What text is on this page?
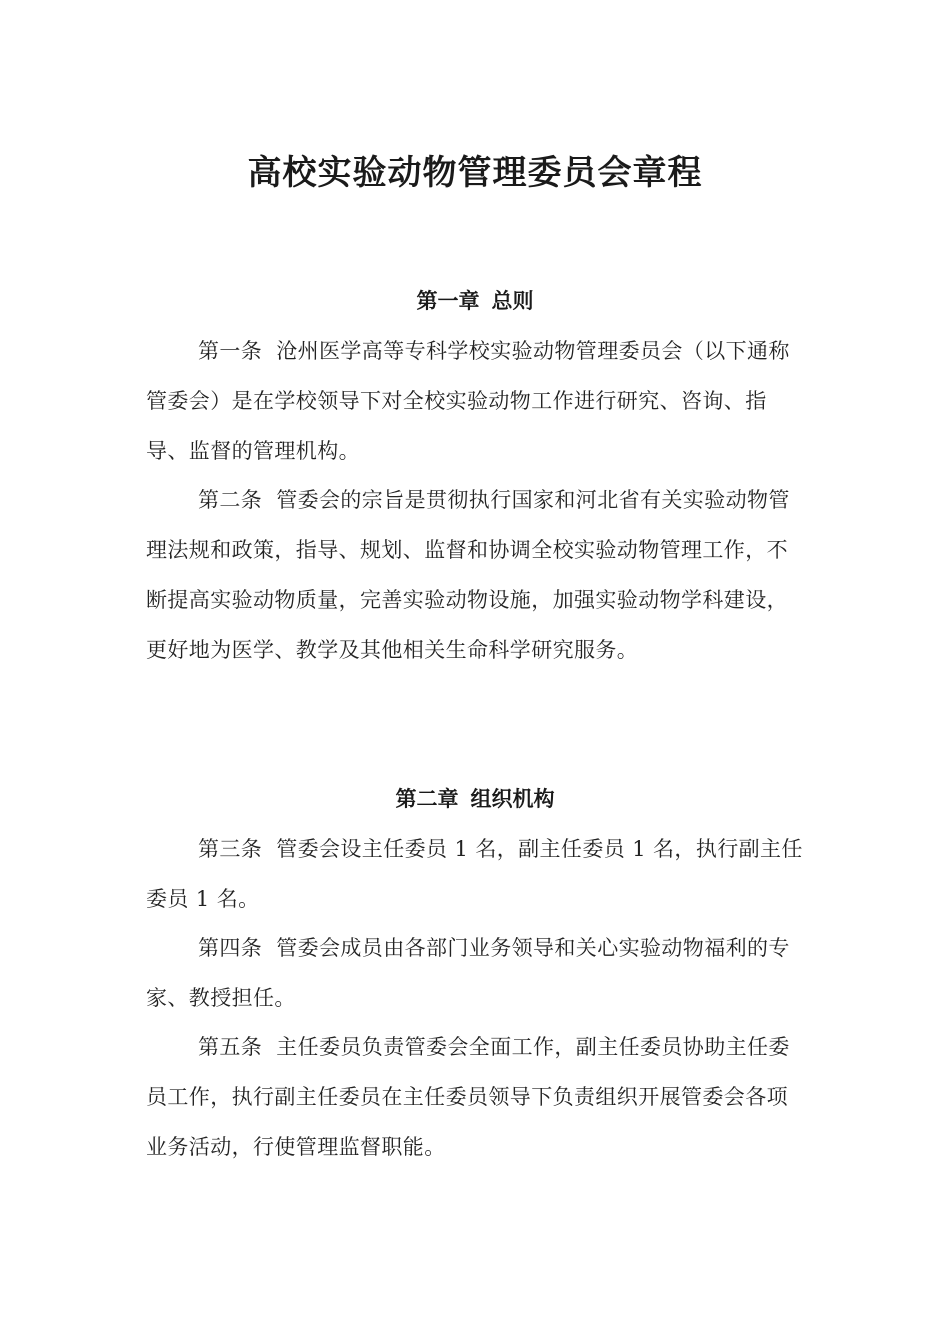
高校实验动物管理委员会章程
第一章 总则
第一条 沧州医学高等专科学校实验动物管理委员会（以下通称管委会）是在学校领导下对全校实验动物工作进行研究、咨询、指导、监督的管理机构。
第二条 管委会的宗旨是贯彻执行国家和河北省有关实验动物管理法规和政策，指导、规划、监督和协调全校实验动物管理工作，不断提高实验动物质量，完善实验动物设施，加强实验动物学科建设，更好地为医学、教学及其他相关生命科学研究服务。
第二章 组织机构
第三条 管委会设主任委员 1 名，副主任委员 1 名，执行副主任委员 1 名。
第四条 管委会成员由各部门业务领导和关心实验动物福利的专家、教授担任。
第五条 主任委员负责管委会全面工作，副主任委员协助主任委员工作，执行副主任委员在主任委员领导下负责组织开展管委会各项业务活动，行使管理监督职能。
